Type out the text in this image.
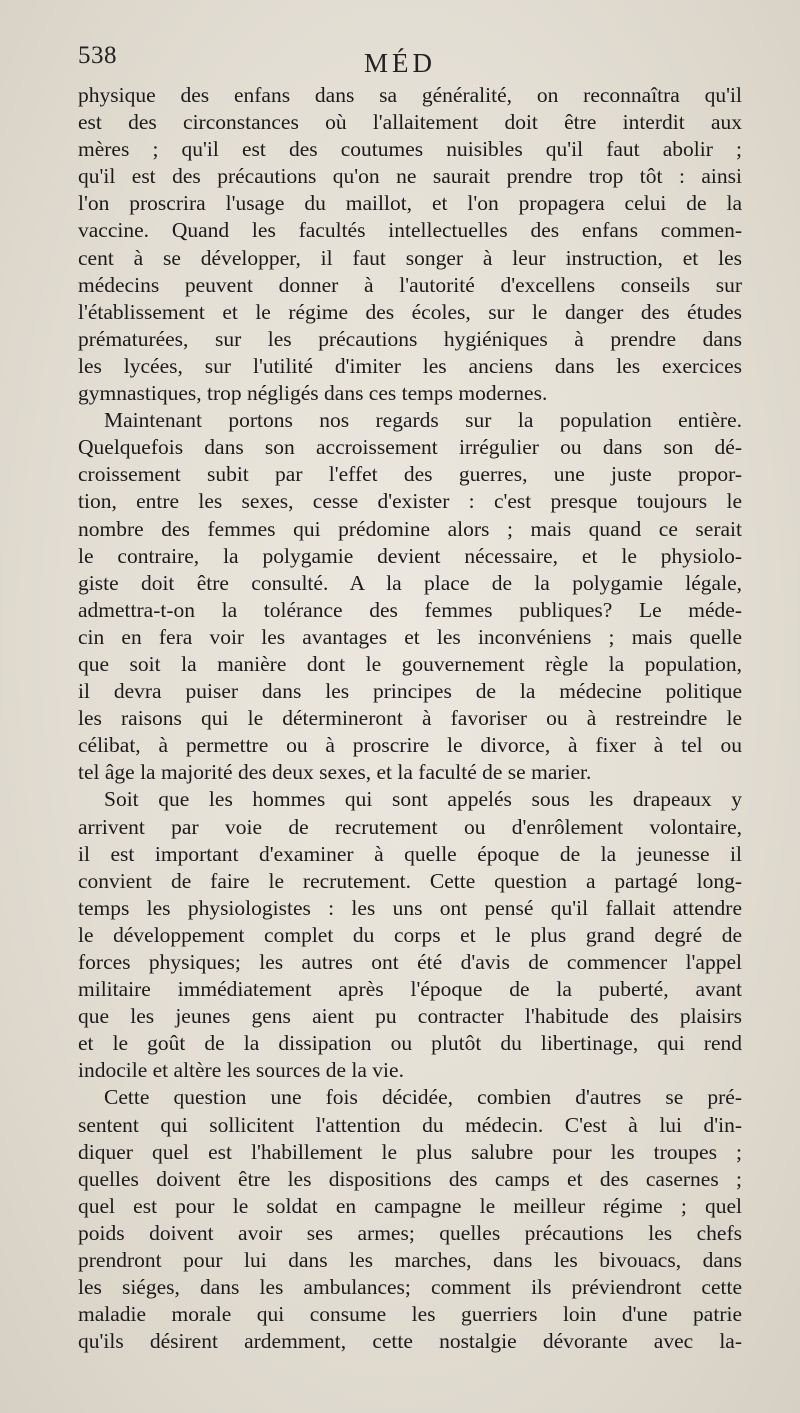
538	MÉD
physique des enfans dans sa généralité, on reconnaîtra qu'il
est des circonstances où l'allaitement doit être interdit aux
mères ; qu'il est des coutumes nuisibles qu'il faut abolir ;
qu'il est des précautions qu'on ne saurait prendre trop tôt : ainsi
l'on proscrira l'usage du maillot, et l'on propagera celui de la
vaccine. Quand les facultés intellectuelles des enfans commen-
cent à se développer, il faut songer à leur instruction, et les
médecins peuvent donner à l'autorité d'excellens conseils sur
l'établissement et le régime des écoles, sur le danger des études
prématurées, sur les précautions hygiéniques à prendre dans
les lycées, sur l'utilité d'imiter les anciens dans les exercices
gymnastiques, trop négligés dans ces temps modernes.
Maintenant portons nos regards sur la population entière.
Quelquefois dans son accroissement irrégulier ou dans son dé-
croissement subit par l'effet des guerres, une juste propor-
tion, entre les sexes, cesse d'exister : c'est presque toujours le
nombre des femmes qui prédomine alors ; mais quand ce serait
le contraire, la polygamie devient nécessaire, et le physiolo-
giste doit être consulté. A la place de la polygamie légale,
admettra-t-on la tolérance des femmes publiques? Le méde-
cin en fera voir les avantages et les inconvéniens ; mais quelle
que soit la manière dont le gouvernement règle la population,
il devra puiser dans les principes de la médecine politique
les raisons qui le détermineront à favoriser ou à restreindre le
célibat, à permettre ou à proscrire le divorce, à fixer à tel ou
tel âge la majorité des deux sexes, et la faculté de se marier.
Soit que les hommes qui sont appelés sous les drapeaux y
arrivent par voie de recrutement ou d'enrôlement volontaire,
il est important d'examiner à quelle époque de la jeunesse il
convient de faire le recrutement. Cette question a partagé long-
temps les physiologistes : les uns ont pensé qu'il fallait attendre
le développement complet du corps et le plus grand degré de
forces physiques; les autres ont été d'avis de commencer l'appel
militaire immédiatement après l'époque de la puberté, avant
que les jeunes gens aient pu contracter l'habitude des plaisirs
et le goût de la dissipation ou plutôt du libertinage, qui rend
indocile et altère les sources de la vie.
Cette question une fois décidée, combien d'autres se pré-
sentent qui sollicitent l'attention du médecin. C'est à lui d'in-
diquer quel est l'habillement le plus salubre pour les troupes ;
quelles doivent être les dispositions des camps et des casernes ;
quel est pour le soldat en campagne le meilleur régime ; quel
poids doivent avoir ses armes; quelles précautions les chefs
prendront pour lui dans les marches, dans les bivouacs, dans
les siéges, dans les ambulances; comment ils préviendront cette
maladie morale qui consume les guerriers loin d'une patrie
qu'ils désirent ardemment, cette nostalgie dévorante avec la-
